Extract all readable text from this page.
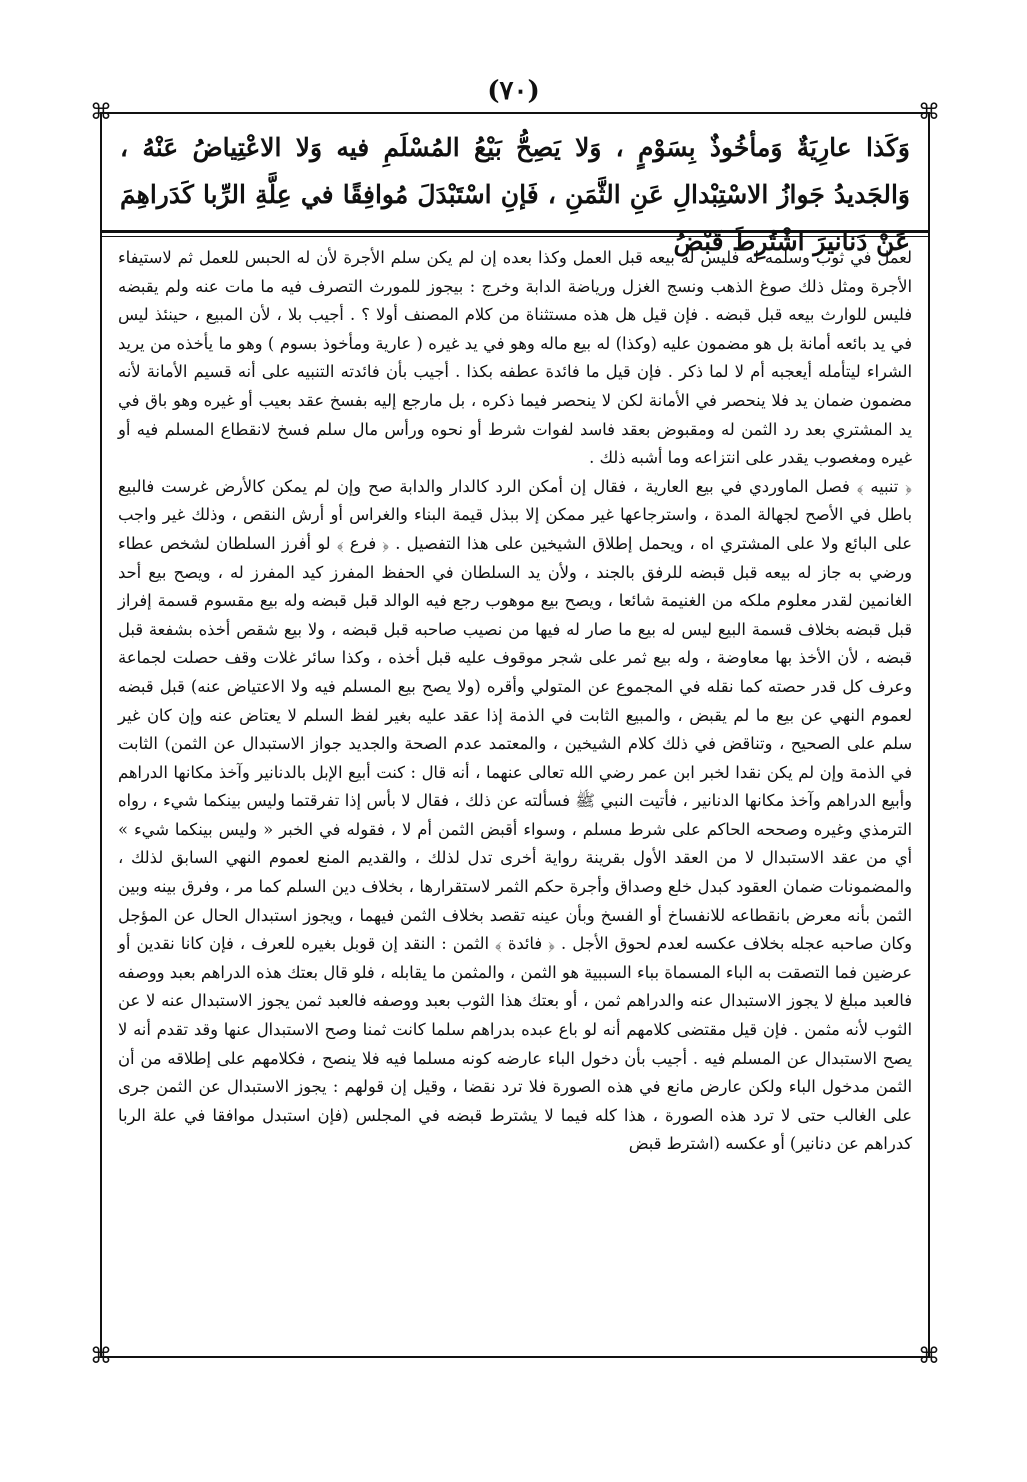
(٧٠)
⌘	⌘
⌘	⌘
وَكَذا عارِيَةٌ وَمأخُوذٌ بِسَوْمٍ ، وَلا يَصِحُّ بَيْعُ المُسْلَمِ فيه وَلا الاعْتِياضُ عَنْهُ ، وَالجَديدُ جَوازُ الاسْتِبْدالِ عَنِ الثَّمَنِ ، فَإنِ اسْتَبْدَلَ مُوافِقًا في عِلَّةِ الرِّبا كَدَراهِمَ عَنْ دَنانيرَ اشْتُرِطَ قَبْضُ

لعمل في ثوب وسلمه له فليس له بيعه قبل العمل وكذا بعده إن لم يكن سلم الأجرة لأن له الحبس للعمل ثم لاستيفاء الأجرة ومثل ذلك صوغ الذهب ونسج الغزل ورياضة الدابة وخرج : بيجوز للمورث التصرف فيه ما مات عنه ولم يقبضه فليس للوارث بيعه قبل قبضه . فإن قيل هل هذه مستثناة من كلام المصنف أولا ؟ . أجيب بلا ، لأن المبيع ، حينئذ ليس في يد بائعه أمانة بل هو مضمون عليه (وكذا) له بيع ماله وهو في يد غيره ( عارية ومأخوذ بسوم ) وهو ما يأخذه من يريد الشراء ليتأمله أيعجبه أم لا لما ذكر . فإن قيل ما فائدة عطفه بكذا . أجيب بأن فائدته التنبيه على أنه قسيم الأمانة لأنه مضمون ضمان يد فلا ينحصر في الأمانة لكن لا ينحصر فيما ذكره ، بل مارجع إليه بفسخ عقد بعيب أو غيره وهو باق في يد المشتري بعد رد الثمن له ومقبوض بعقد فاسد لفوات شرط أو نحوه ورأس مال سلم فسخ لانقطاع المسلم فيه أو غيره ومغصوب يقدر على انتزاعه وما أشبه ذلك .

﴿ تنبيه ﴾ فصل الماوردي في بيع العارية ، فقال إن أمكن الرد كالدار والدابة صح وإن لم يمكن كالأرض غرست فالبيع باطل في الأصح لجهالة المدة ، واسترجاعها غير ممكن إلا ببذل قيمة البناء والغراس أو أرش النقص ، وذلك غير واجب على البائع ولا على المشتري اه ، ويحمل إطلاق الشيخين على هذا التفصيل . ﴿ فرع ﴾ لو أفرز السلطان لشخص عطاء ورضي به جاز له بيعه قبل قبضه للرفق بالجند ، ولأن يد السلطان في الحفظ المفرز كيد المفرز له ، ويصح بيع أحد الغانمين لقدر معلوم ملكه من الغنيمة شائعا ، ويصح بيع موهوب رجع فيه الوالد قبل قبضه وله بيع مقسوم قسمة إفراز قبل قبضه بخلاف قسمة البيع ليس له بيع ما صار له فيها من نصيب صاحبه قبل قبضه ، ولا بيع شقص أخذه بشفعة قبل قبضه ، لأن الأخذ بها معاوضة ، وله بيع ثمر على شجر موقوف عليه قبل أخذه ، وكذا سائر غلات وقف حصلت لجماعة وعرف كل قدر حصته كما نقله في المجموع عن المتولي وأقره (ولا يصح بيع المسلم فيه ولا الاعتياض عنه) قبل قبضه لعموم النهي عن بيع ما لم يقبض ، والمبيع الثابت في الذمة إذا عقد عليه بغير لفظ السلم لا يعتاض عنه وإن كان غير سلم على الصحيح ، وتناقض في ذلك كلام الشيخين ، والمعتمد عدم الصحة والجديد جواز الاستبدال عن الثمن) الثابت في الذمة وإن لم يكن نقدا لخبر ابن عمر رضي الله تعالى عنهما ، أنه قال : كنت أبيع الإبل بالدنانير وآخذ مكانها الدراهم وأبيع الدراهم وآخذ مكانها الدنانير ، فأتيت النبي ﷺ فسألته عن ذلك ، فقال لا بأس إذا تفرقتما وليس بينكما شيء ، رواه الترمذي وغيره وصححه الحاكم على شرط مسلم ، وسواء أقبض الثمن أم لا ، فقوله في الخبر « وليس بينكما شيء » أي من عقد الاستبدال لا من العقد الأول بقرينة رواية أخرى تدل لذلك ، والقديم المنع لعموم النهي السابق لذلك ، والمضمونات ضمان العقود كبدل خلع وصداق وأجرة حكم الثمر لاستقرارها ، بخلاف دين السلم كما مر ، وفرق بينه وبين الثمن بأنه معرض بانقطاعه للانفساخ أو الفسخ وبأن عينه تقصد بخلاف الثمن فيهما ، ويجوز استبدال الحال عن المؤجل وكان صاحبه عجله بخلاف عكسه لعدم لحوق الأجل . ﴿ فائدة ﴾ الثمن : النقد إن قوبل بغيره للعرف ، فإن كانا نقدين أو عرضين فما التصقت به الباء المسماة بباء السببية هو الثمن ، والمثمن ما يقابله ، فلو قال بعتك هذه الدراهم بعبد ووصفه فالعبد مبلغ لا يجوز الاستبدال عنه والدراهم ثمن ، أو بعتك هذا الثوب بعبد ووصفه فالعبد ثمن يجوز الاستبدال عنه لا عن الثوب لأنه مثمن . فإن قيل مقتضى كلامهم أنه لو باع عبده بدراهم سلما كانت ثمنا وصح الاستبدال عنها وقد تقدم أنه لا يصح الاستبدال عن المسلم فيه . أجيب بأن دخول الباء عارضه كونه مسلما فيه فلا ينصح ، فكلامهم على إطلاقه من أن الثمن مدخول الباء ولكن عارض مانع في هذه الصورة فلا ترد نقضا ، وقيل إن قولهم : يجوز الاستبدال عن الثمن جرى على الغالب حتى لا ترد هذه الصورة ، هذا كله فيما لا يشترط قبضه في المجلس (فإن استبدل موافقا في علة الربا كدراهم عن دنانير) أو عكسه (اشترط قبض
